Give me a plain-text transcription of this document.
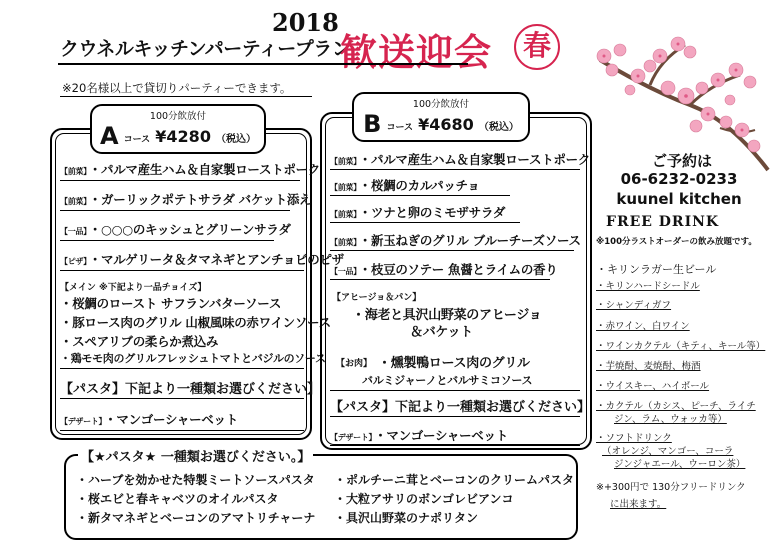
2018
クウネルキッチンパーティープラン
歓送迎会	春
※20名様以上で貸切りパーティーできます。
100分飲放付
A コース ¥4280 （税込）
【前菜】 ・パルマ産生ハム＆自家製ローストポーク
【前菜】 ・ガーリックポテトサラダ バケット添え
【一品】 ・○○○のキッシュとグリーンサラダ
【ピザ】 ・マルゲリータ＆タマネギとアンチョビのピザ
【メイン ※下記より一品チョイズ】
・桜鯛のロースト サフランバターソース
・豚ロース肉のグリル 山椒風味の赤ワインソース
・スペアリブの柔らか煮込み
・鶏モモ肉のグリルフレッシュトマトとバジルのソース
【パスタ】下記より一種類お選びください】
【デザート】 ・マンゴーシャーベット
100分飲放付
B コース ¥4680 （税込）
【前菜】 ・パルマ産生ハム＆自家製ローストポーク
【前菜】 ・桜鯛のカルパッチョ
【前菜】 ・ツナと卵のミモザサラダ
【前菜】 ・新玉ねぎのグリル ブルーチーズソース
【一品】 ・枝豆のソテー 魚醤とライムの香り
【アヒージョ＆パン】
・海老と具沢山野菜のアヒージョ
＆バケット
【お肉】 ・燻製鴨ロース肉のグリル
バルミジャーノとバルサミコソース
【パスタ】下記より一種類お選びください】
【デザート】 ・マンゴーシャーベット
【★パスタ★ 一種類お選びください。】
・ハーブを効かせた特製ミートソースパスタ
・桜エビと春キャベツのオイルパスタ
・新タマネギとベーコンのアマトリチャーナ
・ポルチーニ茸とベーコンのクリームパスタ
・大粒アサリのボンゴレビアンコ
・具沢山野菜のナポリタン
ご予約は
06-6232-0233
kuunel kitchen
FREE DRINK
※100分ラストオーダーの飲み放題です。
・キリンラガー生ビール
・キリンハードシードル
・シャンディガフ
・赤ワイン、白ワイン
・ワインカクテル（キティ、キール等）
・芋焼酎、麦焼酎、梅酒
・ウイスキー、ハイボール
・カクテル（カシス、ピーチ、ライチ
ジン、ラム、ウォッカ等）
・ソフトドリンク
（オレンジ、マンゴー、コーラ
ジンジャエール、ウーロン茶）
※+300円で 130分フリードリンク
に出来ます。
